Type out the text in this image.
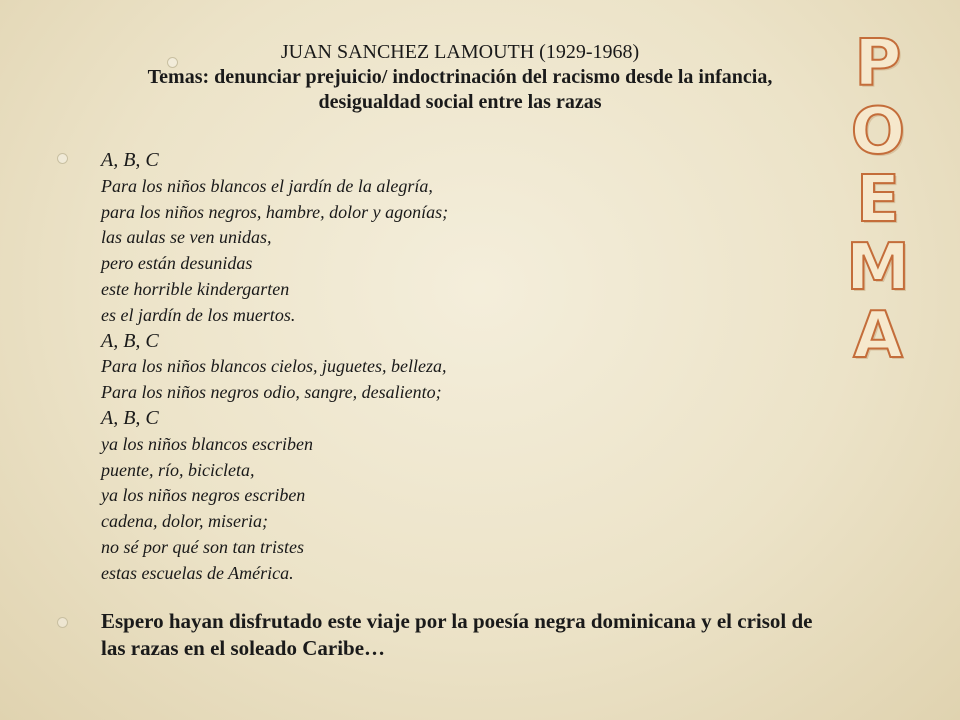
JUAN SANCHEZ LAMOUTH (1929-1968)
Temas: denunciar prejuicio/ indoctrinación del racismo desde la infancia, desigualdad social entre las razas
A, B, C
Para los niños blancos el jardín de la alegría,
para los niños negros, hambre, dolor y agonías;
las aulas se ven unidas,
pero están desunidas
este horrible kindergarten
es el jardín de los muertos.
A, B, C
Para los niños blancos cielos, juguetes, belleza,
Para los niños negros odio, sangre, desaliento;
A, B, C
ya los niños blancos escriben
puente, río, bicicleta,
ya los niños negros escriben
cadena, dolor, miseria;
no sé por qué son tan tristes
estas escuelas de América.
Espero hayan disfrutado este viaje por la poesía negra dominicana y el crisol de las razas en el soleado Caribe…
P
O
E
M
A
